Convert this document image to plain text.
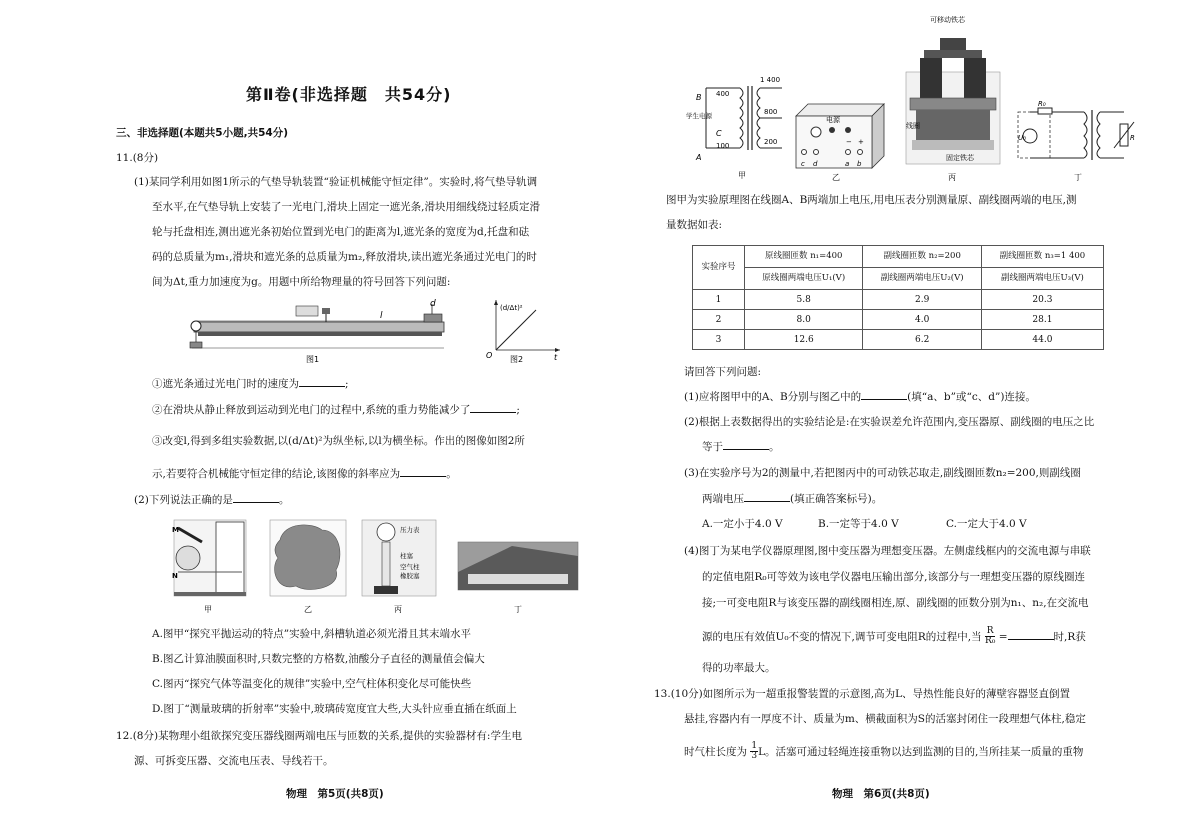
第Ⅱ卷(非选择题　共54分)
三、非选择题(本题共5小题,共54分)
11.(8分)
(1)某同学利用如图1所示的气垫导轨装置“验证机械能守恒定律”。实验时,将气垫导轨调
至水平,在气垫导轨上安装了一光电门,滑块上固定一遮光条,滑块用细线绕过轻质定滑
轮与托盘相连,测出遮光条初始位置到光电门的距离为l,遮光条的宽度为d,托盘和砝
码的总质量为m₁,滑块和遮光条的总质量为m₂,释放滑块,读出遮光条通过光电门的时
间为Δt,重力加速度为g。用题中所给物理量的符号回答下列问题:
d
l
图1
(d/Δt)²
O	t
图2
①遮光条通过光电门时的速度为	;
②在滑块从静止释放到运动到光电门的过程中,系统的重力势能减少了	;
③改变l,得到多组实验数据,以(d/Δt)²为纵坐标,以l为横坐标。作出的图像如图2所
示,若要符合机械能守恒定律的结论,该图像的斜率应为	。
(2)下列说法正确的是	。
M
N
甲	乙
压力表
柱塞
空气柱
橡胶塞
丙	丁
A.图甲“探究平抛运动的特点”实验中,斜槽轨道必须光滑且其末端水平
B.图乙计算油膜面积时,只数完整的方格数,油酸分子直径的测量值会偏大
C.图丙“探究气体等温变化的规律”实验中,空气柱体积变化尽可能快些
D.图丁“测量玻璃的折射率”实验中,玻璃砖宽度宜大些,大头针应垂直插在纸面上
12.(8分)某物理小组欲探究变压器线圈两端电压与匝数的关系,提供的实验器材有:学生电
源、可拆变压器、交流电压表、导线若干。
物理　第5页(共8页)
B
A
C
400
100
1 400
800
200
学生电源
甲
电源
− +
c d	a b
乙
可移动铁芯
线圈
固定铁芯
丙
U₀
R₀
R
丁
图甲为实验原理图在线圈A、B两端加上电压,用电压表分别测量原、副线圈两端的电压,测
量数据如表:
实验序号	原线圈匝数 n₁=400	副线圈匝数 n₂=200	副线圈匝数 n₃=1 400
	原线圈两端电压U₁(V)	副线圈两端电压U₂(V)	副线圈两端电压U₃(V)
1	5.8	2.9	20.3
2	8.0	4.0	28.1
3	12.6	6.2	44.0
请回答下列问题:
(1)应将图甲中的A、B分别与图乙中的	(填“a、b”或“c、d”)连接。
(2)根据上表数据得出的实验结论是:在实验误差允许范围内,变压器原、副线圈的电压之比
等于	。
(3)在实验序号为2的测量中,若把图丙中的可动铁芯取走,副线圈匝数n₂=200,则副线圈
两端电压	(填正确答案标号)。
A.一定小于4.0 V	B.一定等于4.0 V	C.一定大于4.0 V
(4)图丁为某电学仪器原理图,图中变压器为理想变压器。左侧虚线框内的交流电源与串联
的定值电阻R₀可等效为该电学仪器电压输出部分,该部分与一理想变压器的原线圈连
接;一可变电阻R与该变压器的副线圈相连,原、副线圈的匝数分别为n₁、n₂,在交流电
源的电压有效值U₀不变的情况下,调节可变电阻R的过程中,当 $\frac{R}{\text{R₀}}$ =	时,R获
得的功率最大。
13.(10分)如图所示为一超重报警装置的示意图,高为L、导热性能良好的薄壁容器竖直倒置
悬挂,容器内有一厚度不计、质量为m、横截面积为S的活塞封闭住一段理想气体柱,稳定
时气柱长度为 $\frac{1}{3}$ L。活塞可通过轻绳连接重物以达到监测的目的,当所挂某一质量的重物
物理　第6页(共8页)
